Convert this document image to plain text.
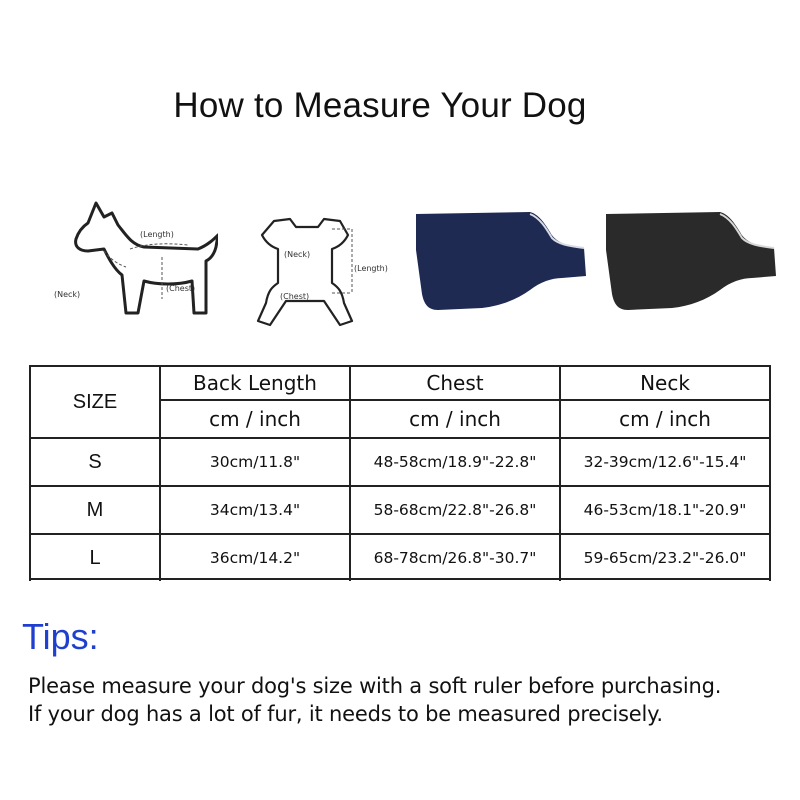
How to Measure Your Dog
(Length)
(Neck)
(Chest)
(Neck)
(Length)
(Chest)
SIZE	Back Length	Chest	Neck
	cm / inch	cm / inch	cm / inch
S	30cm/11.8"	48-58cm/18.9"-22.8"	32-39cm/12.6"-15.4"
M	34cm/13.4"	58-68cm/22.8"-26.8"	46-53cm/18.1"-20.9"
L	36cm/14.2"	68-78cm/26.8"-30.7"	59-65cm/23.2"-26.0"
Tips:
Please measure your dog's size with a soft ruler before purchasing.
If your dog has a lot of fur, it needs to be measured precisely.
